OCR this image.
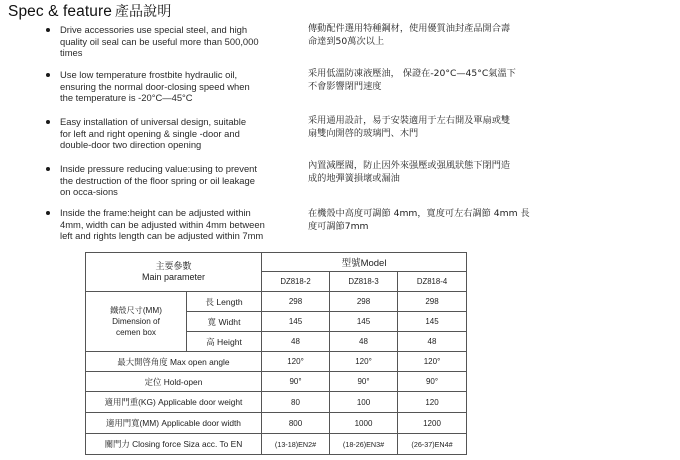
Spec & feature 產品說明
Drive accessories use special steel, and high
quality oil seal can be useful more than 500,000
times
傳動配件選用特種鋼材，使用優質油封產品開合壽
命達到50萬次以上
Use low temperature frostbite hydraulic oil,
ensuring the normal door-closing speed when
the temperature is -20°C—45°C
采用低溫防凍液壓油， 保證在-20°C—45°C氣溫下
不會影響閉門速度
Easy installation of universal design, suitable
for left and right opening & single -door and
double-door two direction opening
采用通用設計，易于安裝適用于左右開及單扇或雙
扇雙向開啓的玻璃門、木門
Inside pressure reducing value:using to prevent
the destruction of the floor spring or oil leakage
on occa-sions
內置減壓閥，防止因外來强壓或强風狀態下閉門造
成的地彈簧損壞或漏油
Inside the frame:height can be adjusted within
4mm, width can be adjusted within 4mm between
left and rights length can be adjusted within 7mm
在機殼中高度可調節 4mm，寬度可左右調節 4mm 長
度可調節7mm
主要參數
Main parameter		型號Model		
		DZ818-2	DZ818-3	DZ818-4

鐵殼尺寸(MM)
Dimension of
cemen box	長 Length	298	298	298
	寬 Widht	145	145	145
	高 Height	48	48	48
最大開啓角度 Max open angle		120°	120°	120°
定位 Hold-open		90°	90°	90°
適用門重(KG) Applicable door weight		80	100	120
適用門寬(MM) Applicable door width		800	1000	1200
關門力 Closing force Siza acc. To EN		(13-18)EN2#	(18-26)EN3#	(26-37)EN4#
